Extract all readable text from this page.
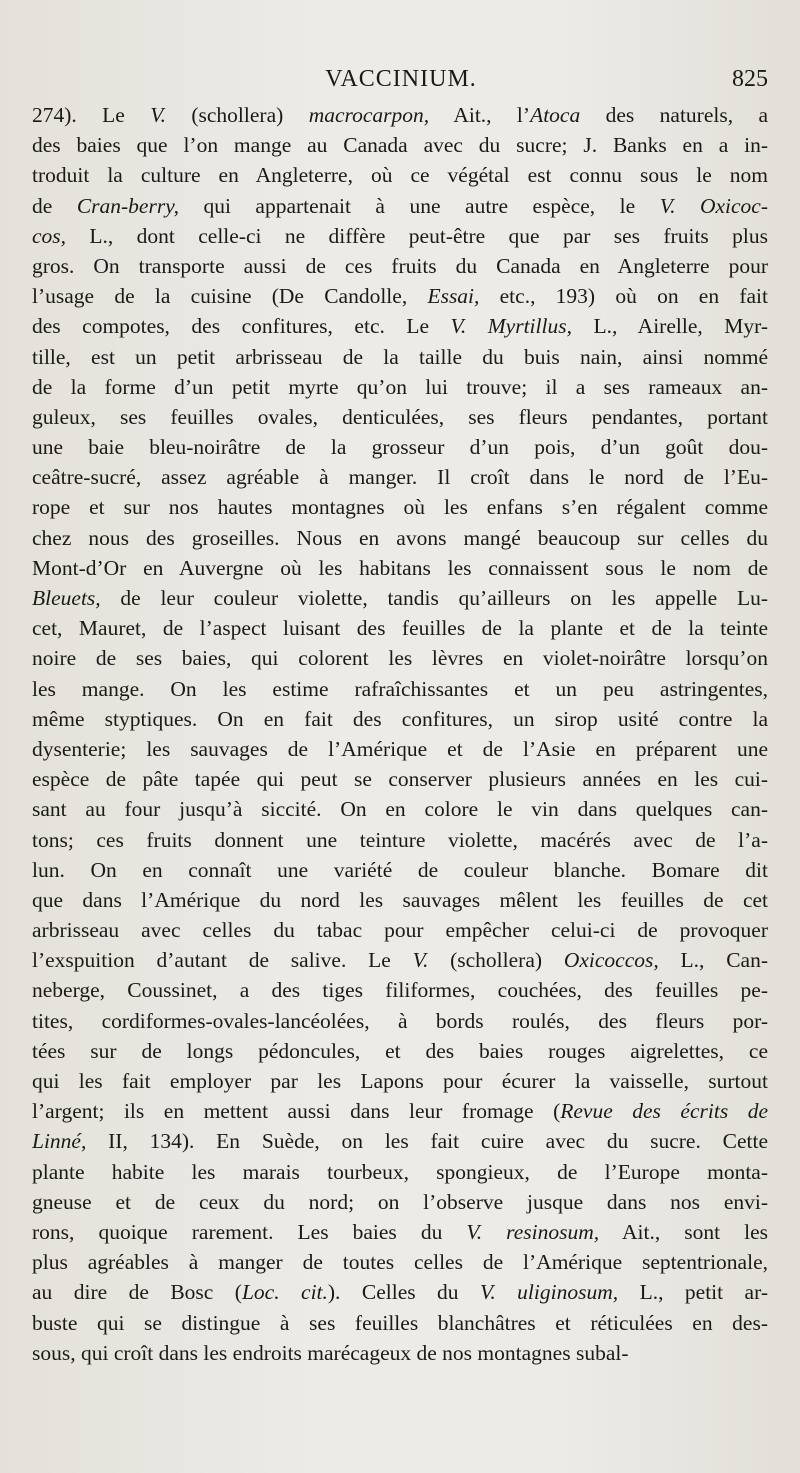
VACCINIUM.	825
274). Le V. (schollera) macrocarpon, Ait., l’Atoca des naturels, a
des baies que l’on mange au Canada avec du sucre; J. Banks en a in-
troduit la culture en Angleterre, où ce végétal est connu sous le nom
de Cran-berry, qui appartenait à une autre espèce, le V. Oxicoc-
cos, L., dont celle-ci ne diffère peut-être que par ses fruits plus
gros. On transporte aussi de ces fruits du Canada en Angleterre pour
l’usage de la cuisine (De Candolle, Essai, etc., 193) où on en fait
des compotes, des confitures, etc. Le V. Myrtillus, L., Airelle, Myr-
tille, est un petit arbrisseau de la taille du buis nain, ainsi nommé
de la forme d’un petit myrte qu’on lui trouve; il a ses rameaux an-
guleux, ses feuilles ovales, denticulées, ses fleurs pendantes, portant
une baie bleu-noirâtre de la grosseur d’un pois, d’un goût dou-
ceâtre-sucré, assez agréable à manger. Il croît dans le nord de l’Eu-
rope et sur nos hautes montagnes où les enfans s’en régalent comme
chez nous des groseilles. Nous en avons mangé beaucoup sur celles du
Mont-d’Or en Auvergne où les habitans les connaissent sous le nom de
Bleuets, de leur couleur violette, tandis qu’ailleurs on les appelle Lu-
cet, Mauret, de l’aspect luisant des feuilles de la plante et de la teinte
noire de ses baies, qui colorent les lèvres en violet-noirâtre lorsqu’on
les mange. On les estime rafraîchissantes et un peu astringentes,
même styptiques. On en fait des confitures, un sirop usité contre la
dysenterie; les sauvages de l’Amérique et de l’Asie en préparent une
espèce de pâte tapée qui peut se conserver plusieurs années en les cui-
sant au four jusqu’à siccité. On en colore le vin dans quelques can-
tons; ces fruits donnent une teinture violette, macérés avec de l’a-
lun. On en connaît une variété de couleur blanche. Bomare dit
que dans l’Amérique du nord les sauvages mêlent les feuilles de cet
arbrisseau avec celles du tabac pour empêcher celui-ci de provoquer
l’exspuition d’autant de salive. Le V. (schollera) Oxicoccos, L., Can-
neberge, Coussinet, a des tiges filiformes, couchées, des feuilles pe-
tites, cordiformes-ovales-lancéolées, à bords roulés, des fleurs por-
tées sur de longs pédoncules, et des baies rouges aigrelettes, ce
qui les fait employer par les Lapons pour écurer la vaisselle, surtout
l’argent; ils en mettent aussi dans leur fromage (Revue des écrits de
Linné, II, 134). En Suède, on les fait cuire avec du sucre. Cette
plante habite les marais tourbeux, spongieux, de l’Europe monta-
gneuse et de ceux du nord; on l’observe jusque dans nos envi-
rons, quoique rarement. Les baies du V. resinosum, Ait., sont les
plus agréables à manger de toutes celles de l’Amérique septentrionale,
au dire de Bosc (Loc. cit.). Celles du V. uliginosum, L., petit ar-
buste qui se distingue à ses feuilles blanchâtres et réticulées en des-
sous, qui croît dans les endroits marécageux de nos montagnes subal-
